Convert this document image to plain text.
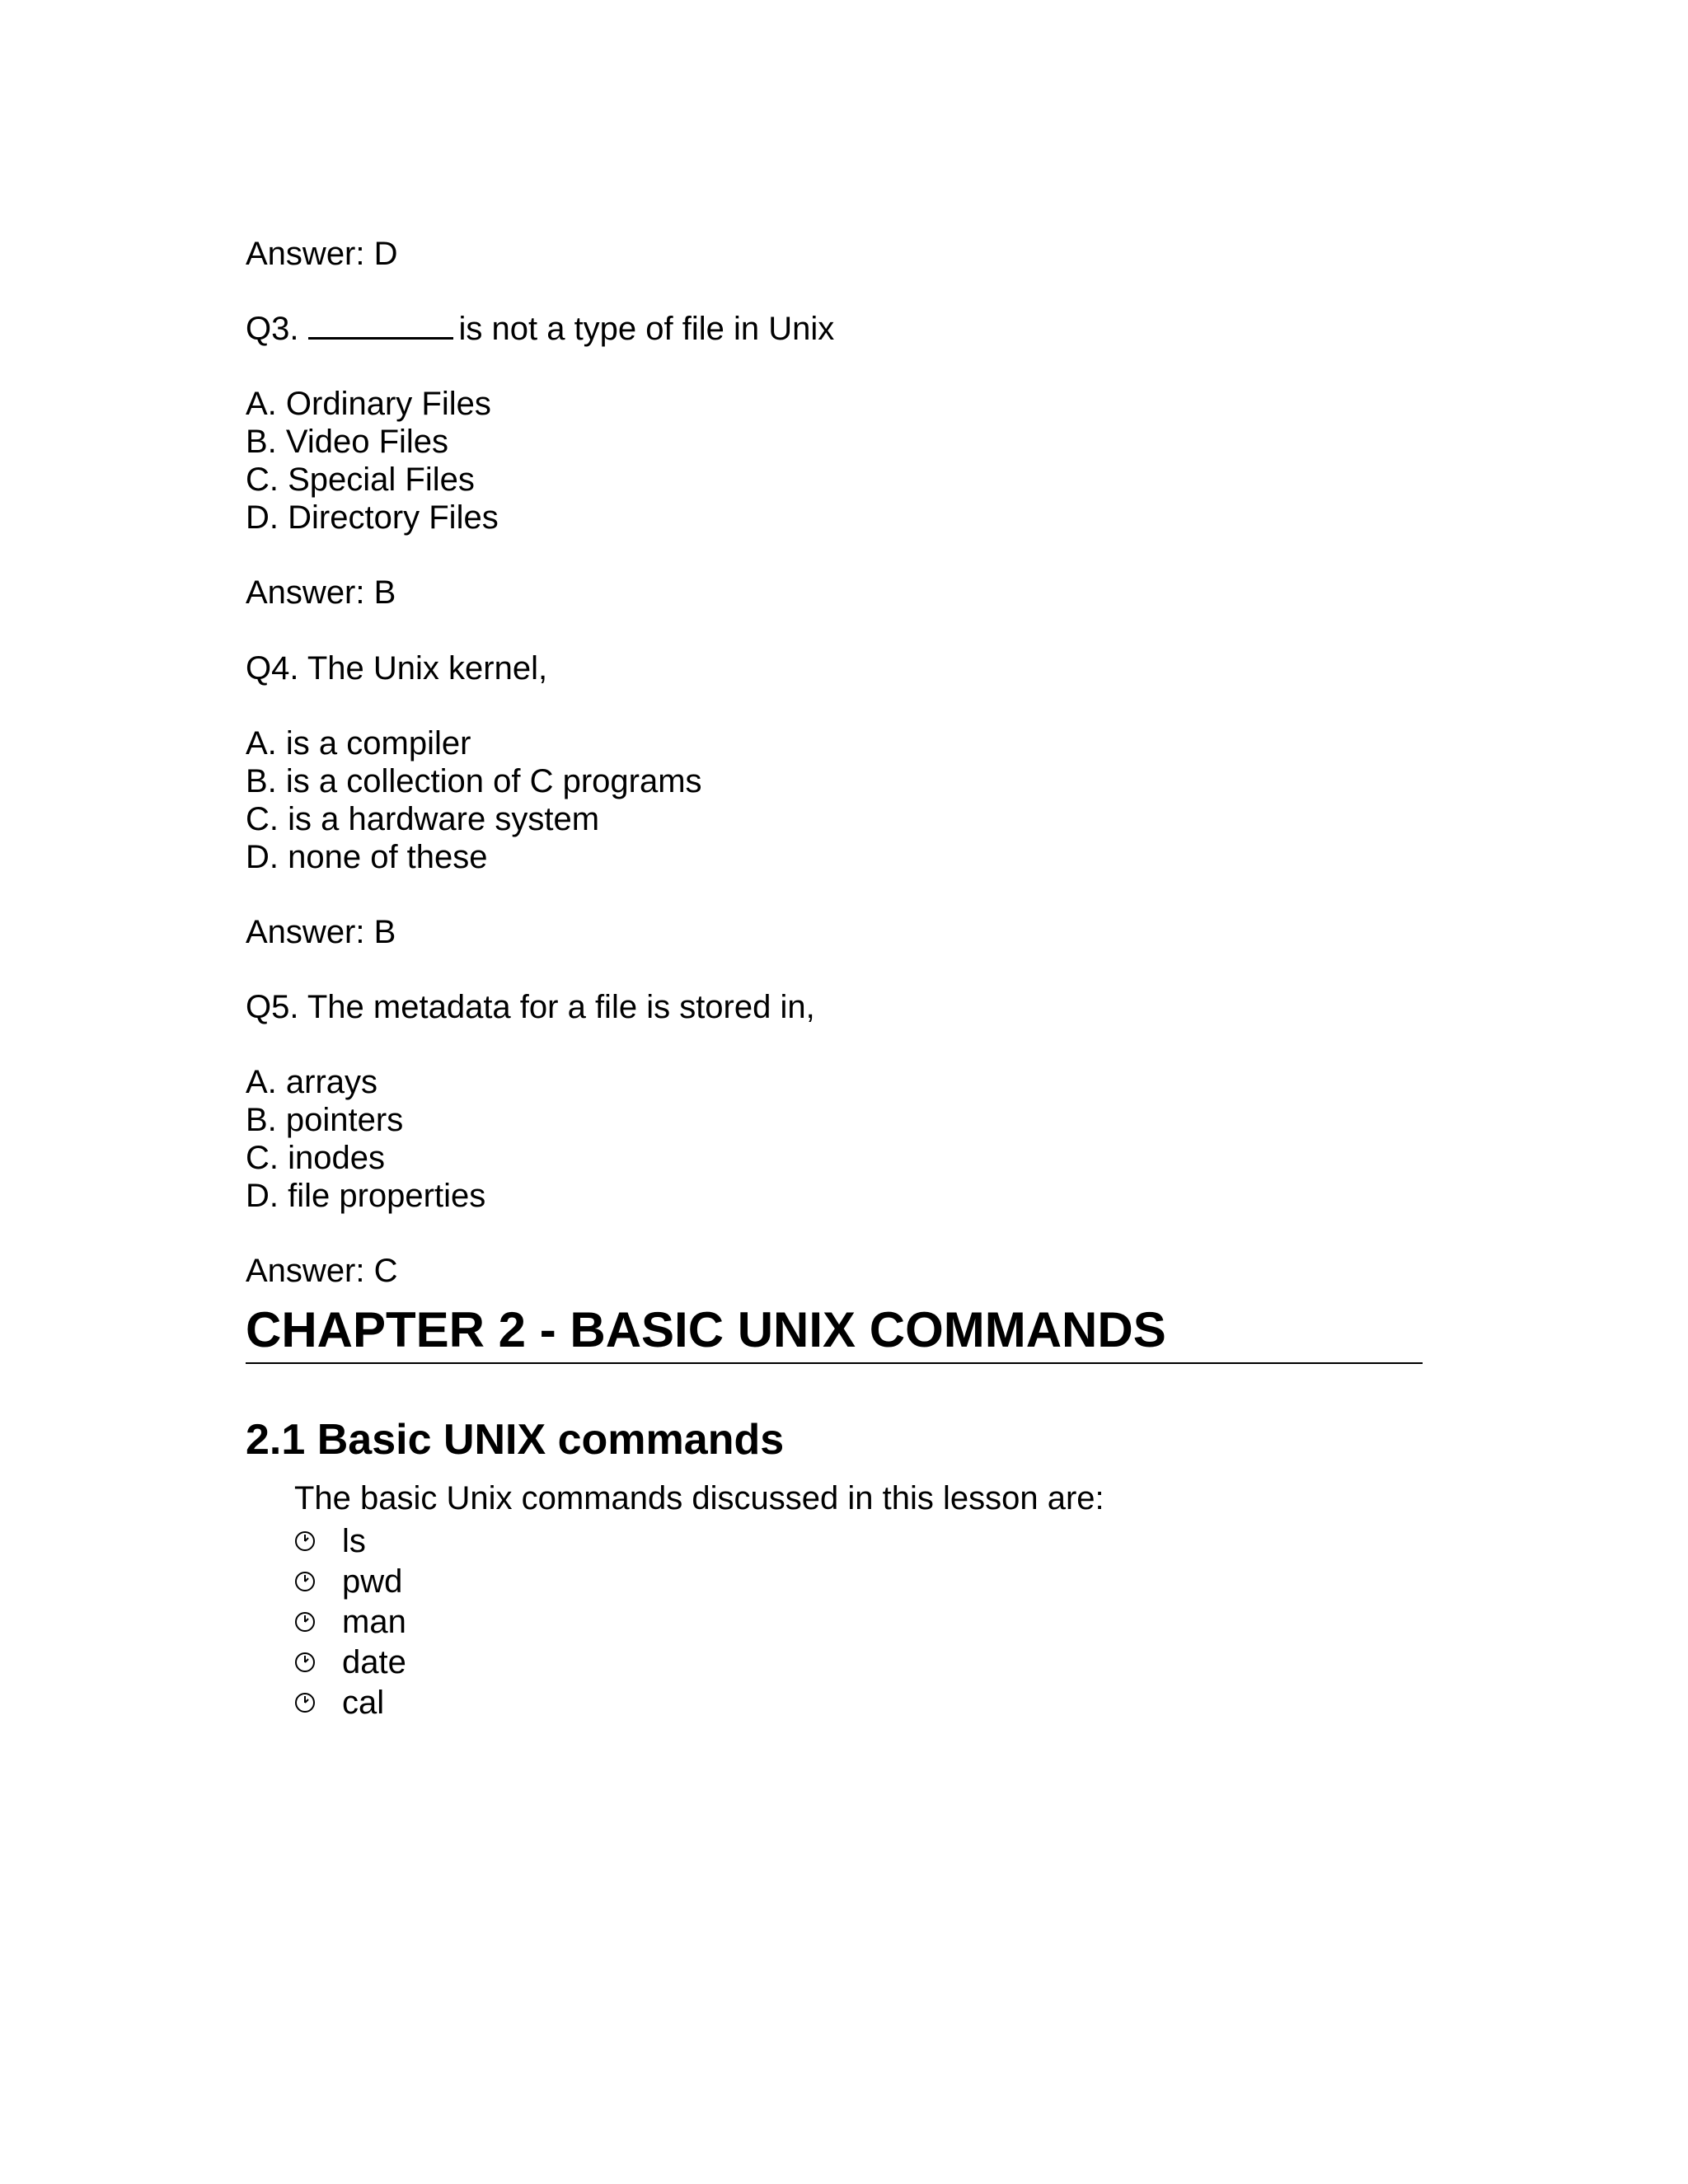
Answer: D

Q3.	is not a type of file in Unix

A. Ordinary Files

B. Video Files

C. Special Files

D. Directory Files

Answer: B

Q4. The Unix kernel,

A. is a compiler

B. is a collection of C programs

C. is a hardware system

D. none of these

Answer: B

Q5. The metadata for a file is stored in,

A. arrays

B. pointers

C. inodes

D. file properties

Answer: C

CHAPTER 2 - BASIC UNIX COMMANDS
2.1 Basic UNIX commands

The basic Unix commands discussed in this lesson are:

ls
pwd
man
date
cal
